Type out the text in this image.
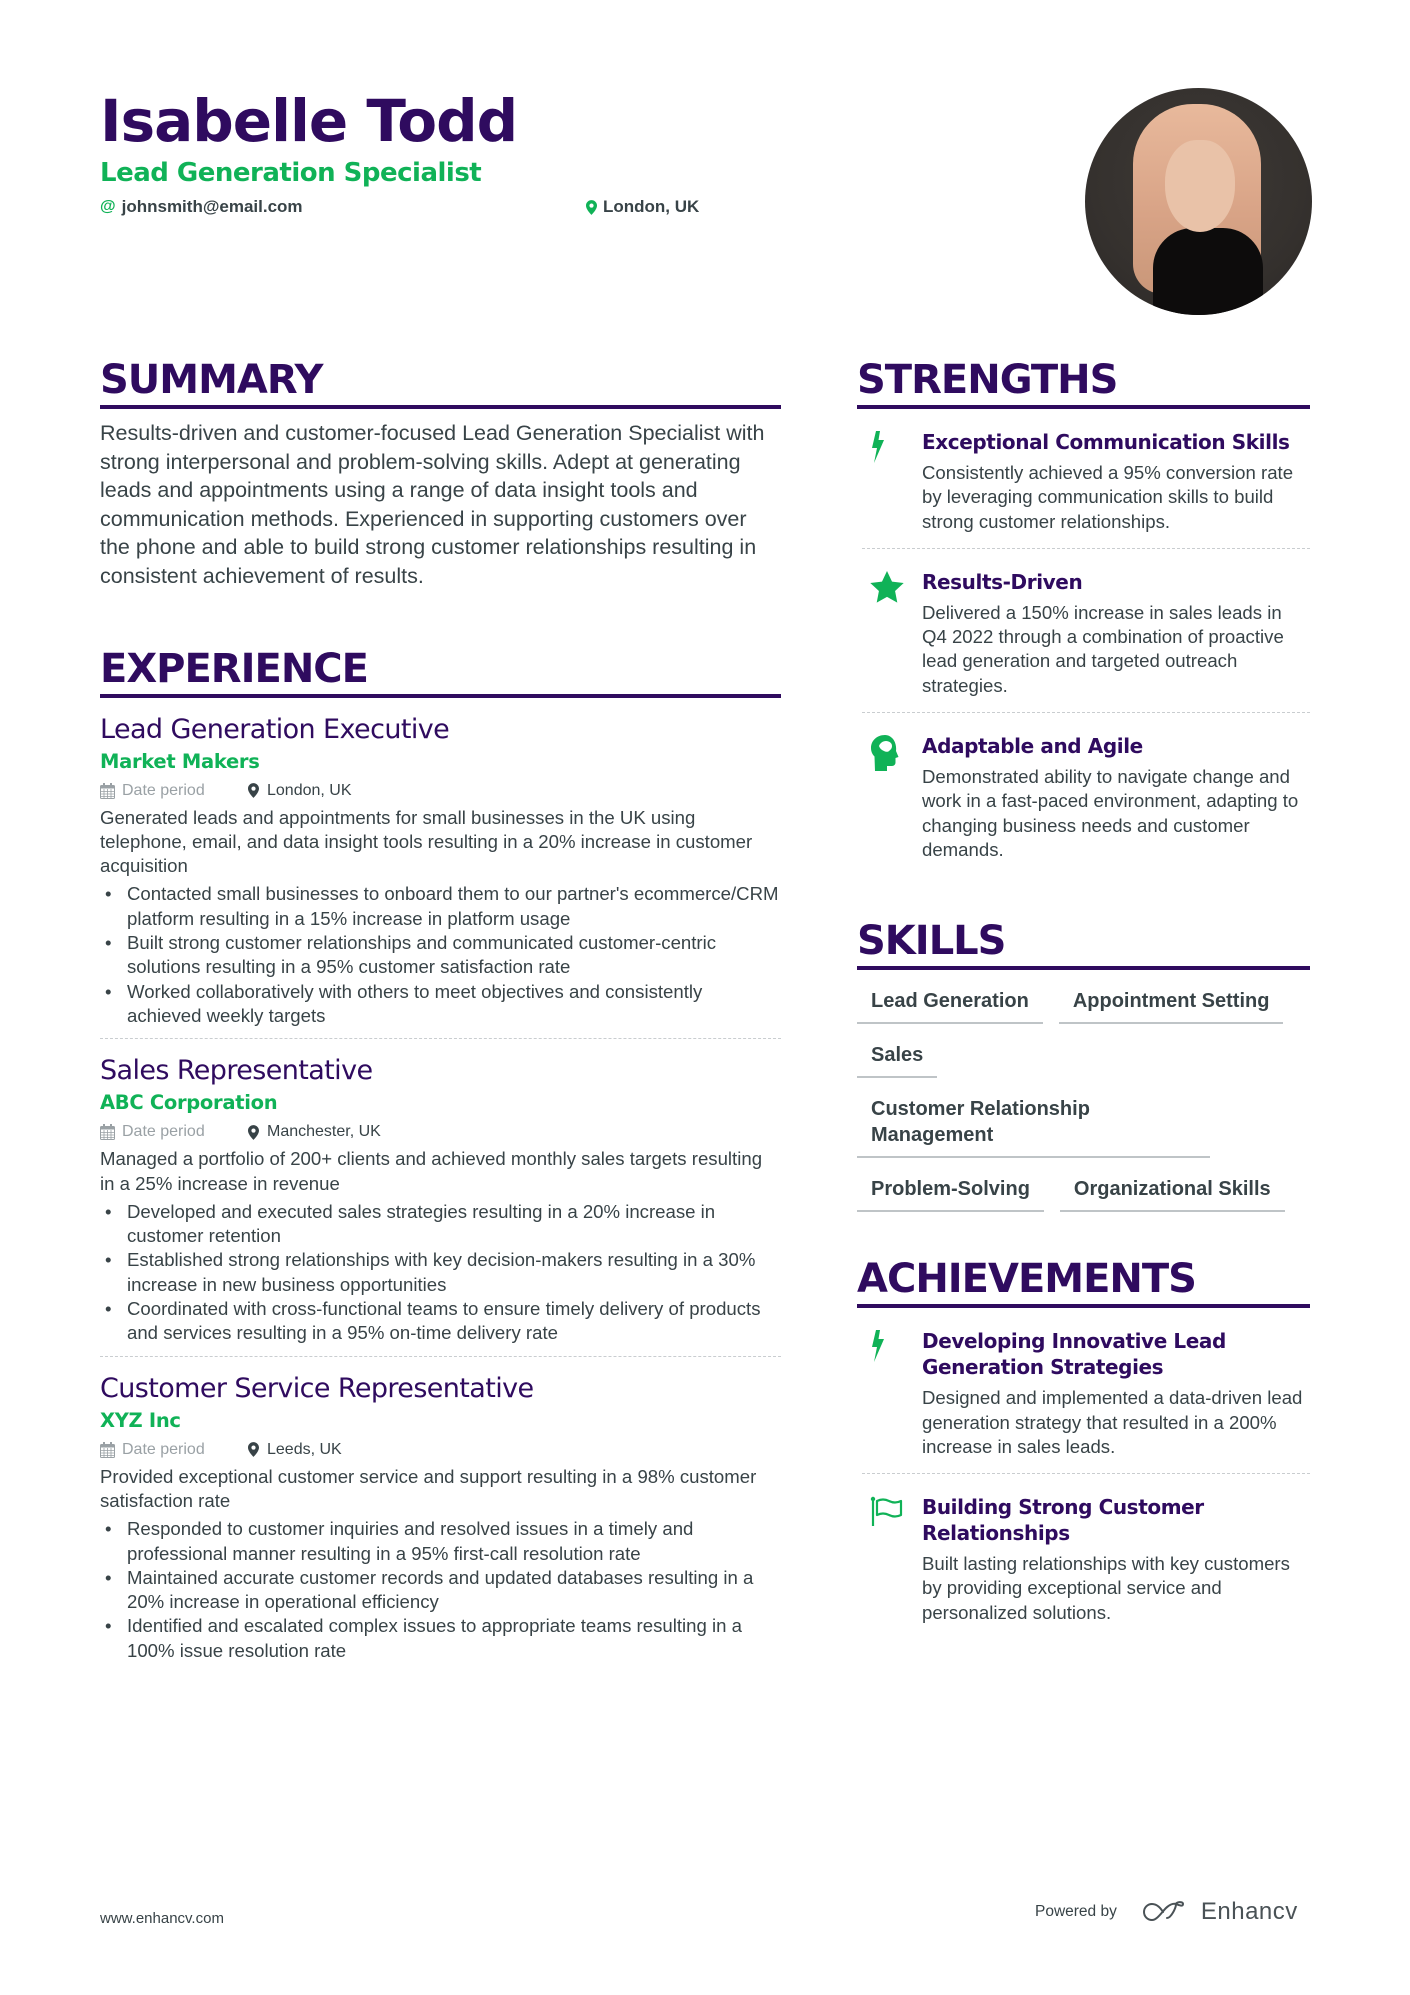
Isabelle Todd
Lead Generation Specialist
@ johnsmith@email.com	London, UK
SUMMARY

Results-driven and customer-focused Lead Generation Specialist with strong interpersonal and problem-solving skills. Adept at generating leads and appointments using a range of data insight tools and communication methods. Experienced in supporting customers over the phone and able to build strong customer relationships resulting in consistent achievement of results.

EXPERIENCE
Lead Generation Executive
Market Makers
Date period	London, UK

Generated leads and appointments for small businesses in the UK using telephone, email, and data insight tools resulting in a 20% increase in customer acquisition

• Contacted small businesses to onboard them to our partner's ecommerce/CRM platform resulting in a 15% increase in platform usage
• Built strong customer relationships and communicated customer-centric solutions resulting in a 95% customer satisfaction rate
• Worked collaboratively with others to meet objectives and consistently achieved weekly targets
Sales Representative
ABC Corporation
Date period	Manchester, UK

Managed a portfolio of 200+ clients and achieved monthly sales targets resulting in a 25% increase in revenue

• Developed and executed sales strategies resulting in a 20% increase in customer retention
• Established strong relationships with key decision-makers resulting in a 30% increase in new business opportunities
• Coordinated with cross-functional teams to ensure timely delivery of products and services resulting in a 95% on-time delivery rate
Customer Service Representative
XYZ Inc
Date period	Leeds, UK

Provided exceptional customer service and support resulting in a 98% customer satisfaction rate

• Responded to customer inquiries and resolved issues in a timely and professional manner resulting in a 95% first-call resolution rate
• Maintained accurate customer records and updated databases resulting in a 20% increase in operational efficiency
• Identified and escalated complex issues to appropriate teams resulting in a 100% issue resolution rate
STRENGTHS
Exceptional Communication Skills
Consistently achieved a 95% conversion rate by leveraging communication skills to build strong customer relationships.
Results-Driven
Delivered a 150% increase in sales leads in Q4 2022 through a combination of proactive lead generation and targeted outreach strategies.
Adaptable and Agile
Demonstrated ability to navigate change and work in a fast-paced environment, adapting to changing business needs and customer demands.
SKILLS
Lead Generation	Appointment Setting
Sales
Customer Relationship Management
Problem-Solving	Organizational Skills
ACHIEVEMENTS
Developing Innovative Lead Generation Strategies
Designed and implemented a data-driven lead generation strategy that resulted in a 200% increase in sales leads.
Building Strong Customer Relationships
Built lasting relationships with key customers by providing exceptional service and personalized solutions.
www.enhancv.com	Powered by	Enhancv
